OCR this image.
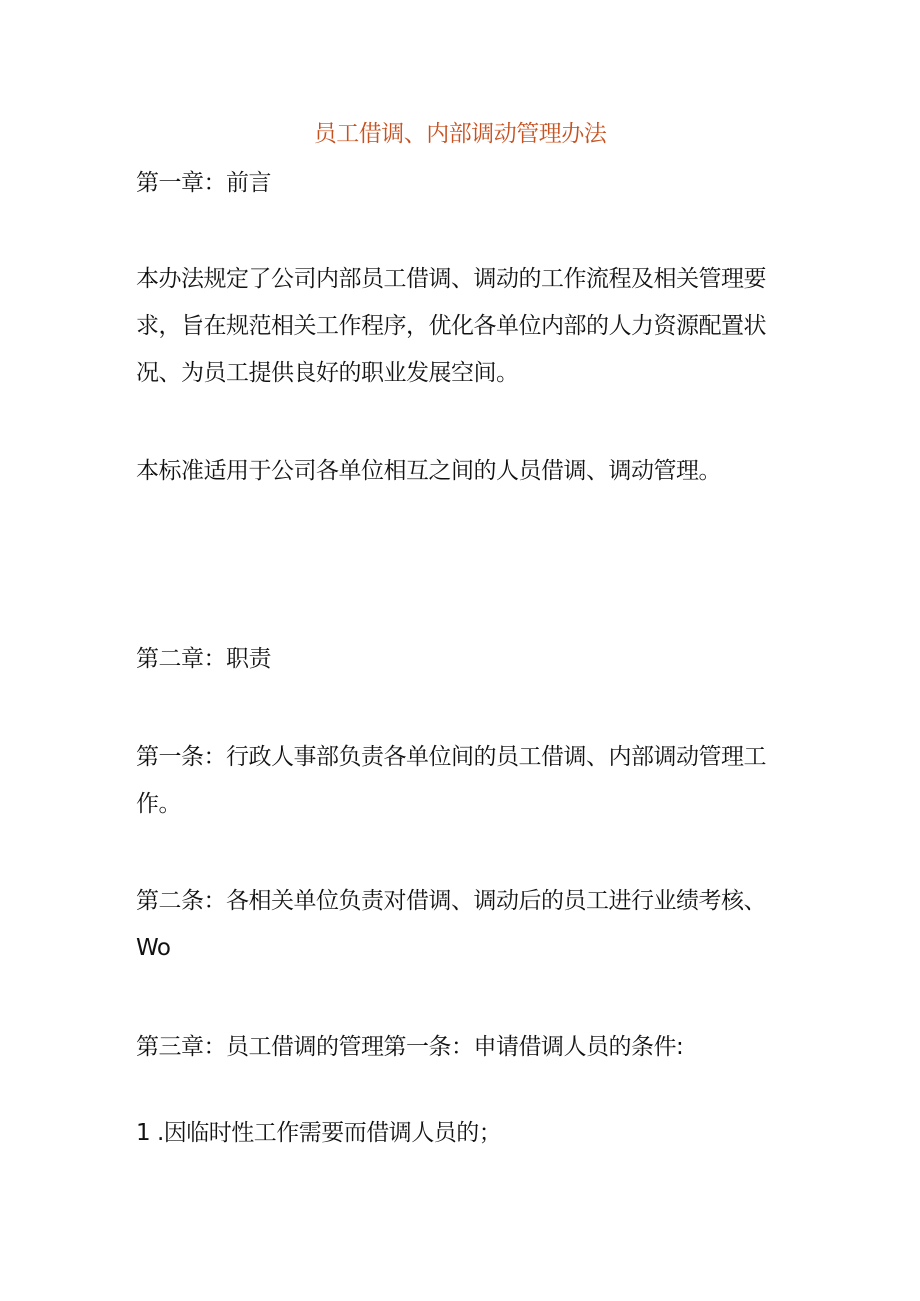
员工借调、内部调动管理办法
第一章：前言
本办法规定了公司内部员工借调、调动的工作流程及相关管理要
求，旨在规范相关工作程序，优化各单位内部的人力资源配置状
况、为员工提供良好的职业发展空间。
本标准适用于公司各单位相互之间的人员借调、调动管理。
第二章：职责
第一条：行政人事部负责各单位间的员工借调、内部调动管理工
作。
第二条：各相关单位负责对借调、调动后的员工进行业绩考核、
Wo
第三章：员工借调的管理第一条：申请借调人员的条件:
1 .因临时性工作需要而借调人员的；
